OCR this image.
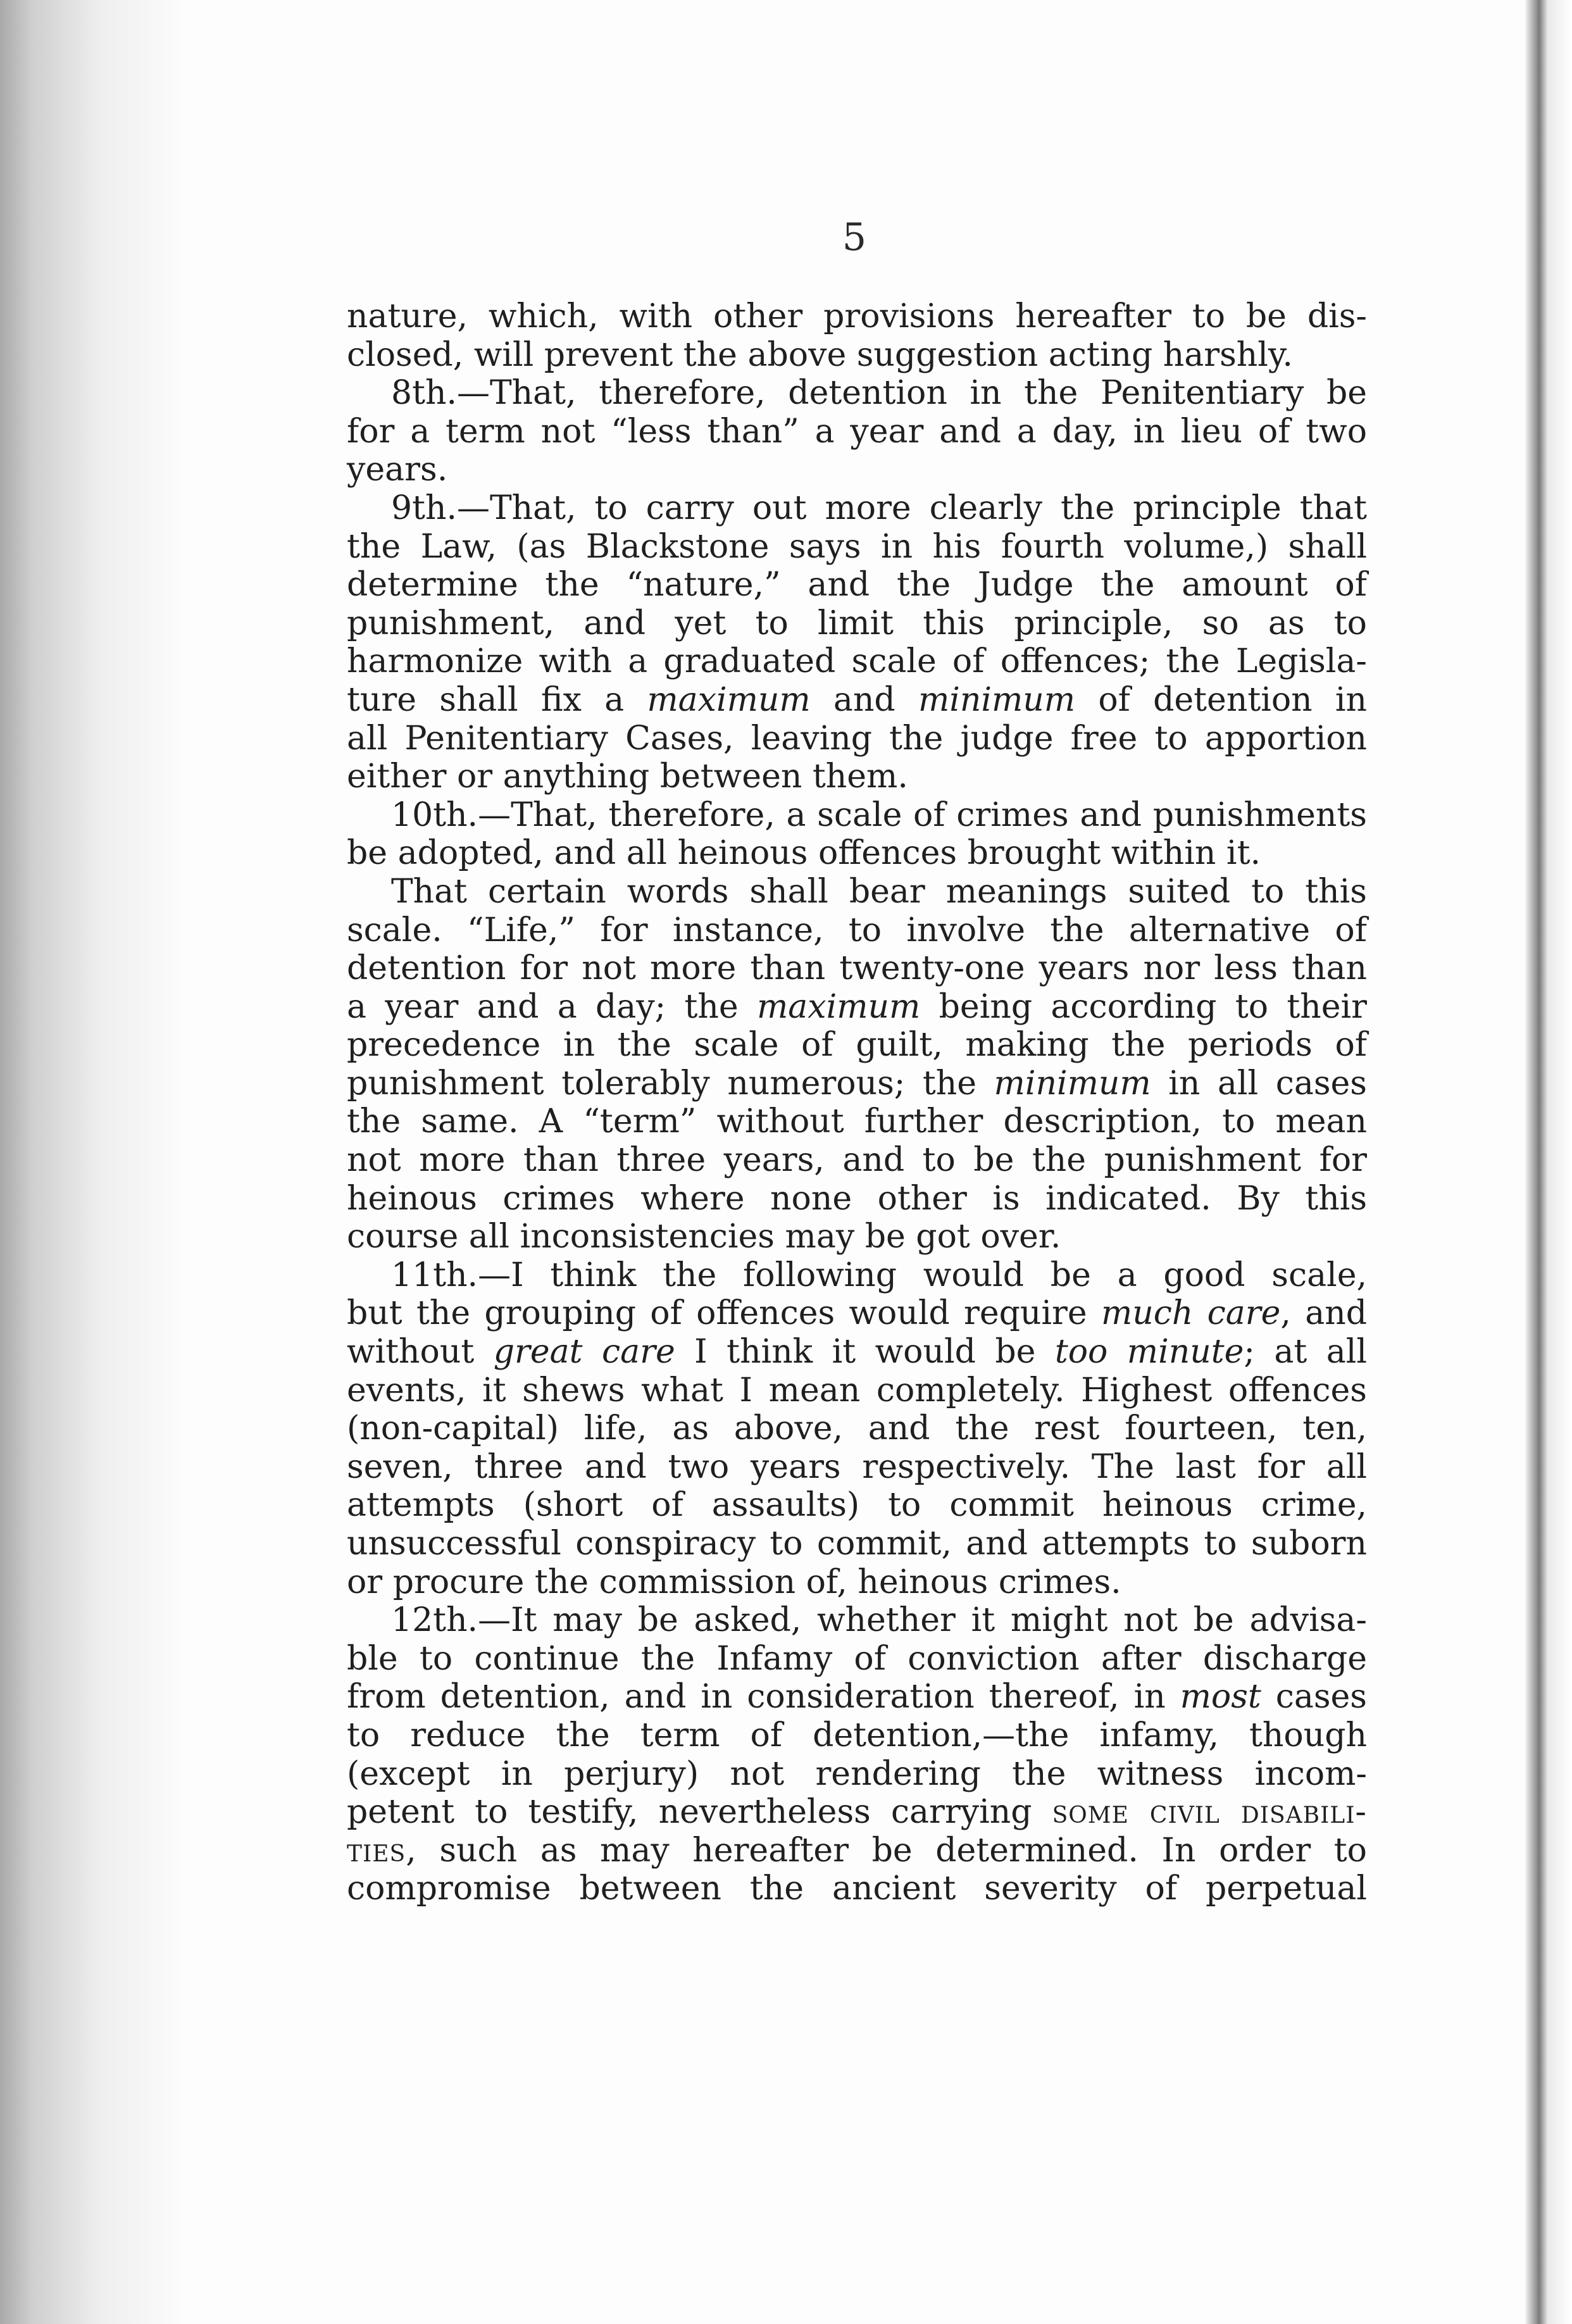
5
nature, which, with other provisions hereafter to be dis-
closed, will prevent the above suggestion acting harshly.
8th.—That, therefore, detention in the Penitentiary be
for a term not “less than” a year and a day, in lieu of two
years.
9th.—That, to carry out more clearly the principle that
the Law, (as Blackstone says in his fourth volume,) shall
determine the “nature,” and the Judge the amount of
punishment, and yet to limit this principle, so as to
harmonize with a graduated scale of offences; the Legisla-
ture shall fix a maximum and minimum of detention in
all Penitentiary Cases, leaving the judge free to apportion
either or anything between them.
10th.—That, therefore, a scale of crimes and punishments
be adopted, and all heinous offences brought within it.
That certain words shall bear meanings suited to this
scale. “Life,” for instance, to involve the alternative of
detention for not more than twenty-one years nor less than
a year and a day; the maximum being according to their
precedence in the scale of guilt, making the periods of
punishment tolerably numerous; the minimum in all cases
the same. A “term” without further description, to mean
not more than three years, and to be the punishment for
heinous crimes where none other is indicated. By this
course all inconsistencies may be got over.
11th.—I think the following would be a good scale,
but the grouping of offences would require much care, and
without great care I think it would be too minute; at all
events, it shews what I mean completely. Highest offences
(non-capital) life, as above, and the rest fourteen, ten,
seven, three and two years respectively. The last for all
attempts (short of assaults) to commit heinous crime,
unsuccessful conspiracy to commit, and attempts to suborn
or procure the commission of, heinous crimes.
12th.—It may be asked, whether it might not be advisa-
ble to continue the Infamy of conviction after discharge
from detention, and in consideration thereof, in most cases
to reduce the term of detention,—the infamy, though
(except in perjury) not rendering the witness incom-
petent to testify, nevertheless carrying some civil disabili-
ties, such as may hereafter be determined. In order to
compromise between the ancient severity of perpetual
